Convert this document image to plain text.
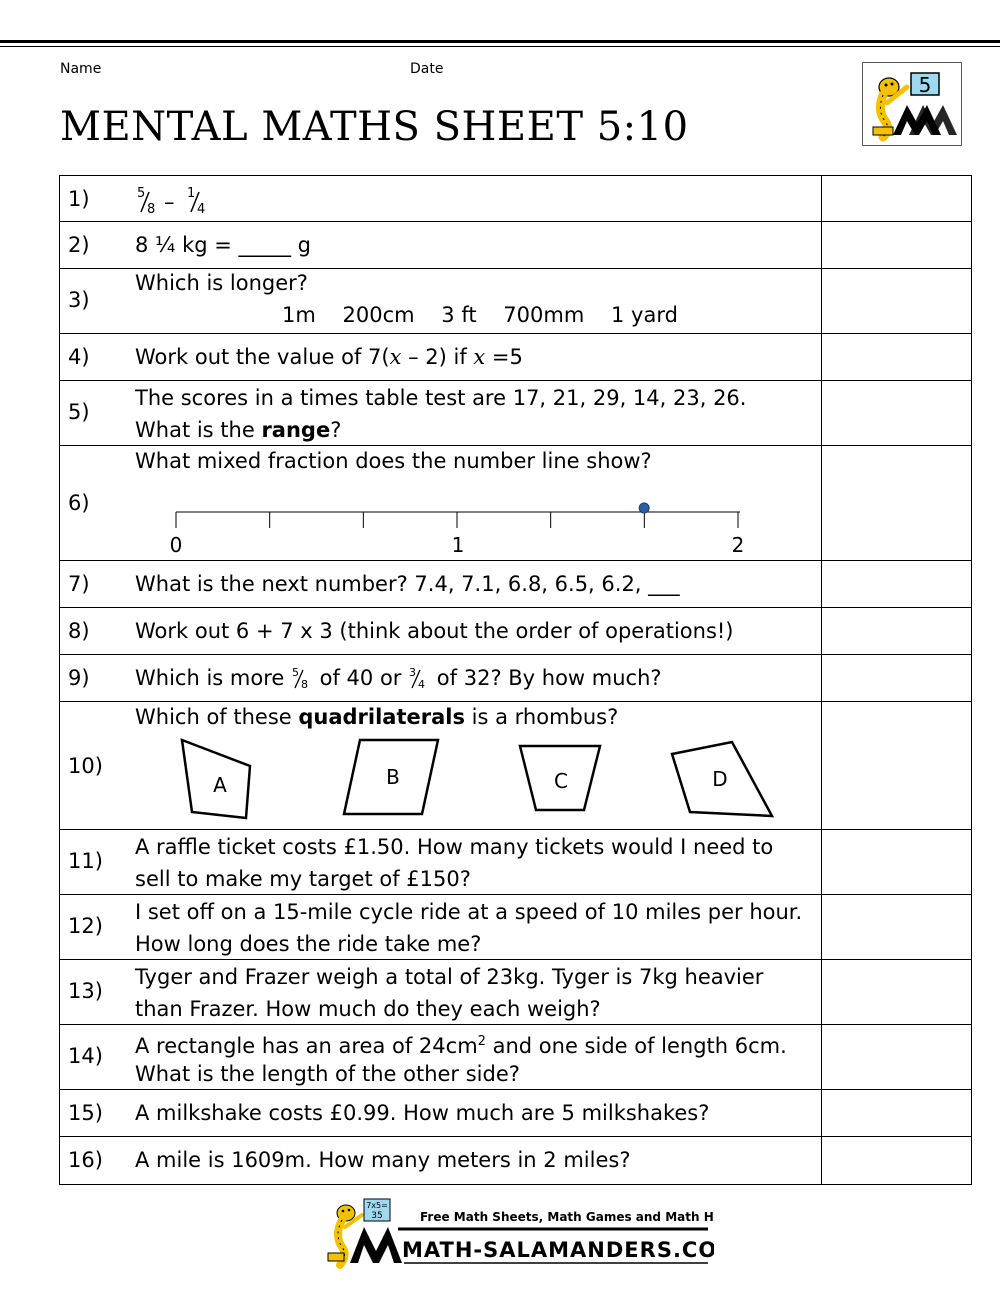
Name	Date
MENTAL MATHS SHEET 5:10
5
1)	5
8 – 1
4
2) 8 ¼ kg = _____ g
3)
Which is longer?
1m    200cm    3 ft    700mm    1 yard
4) Work out the value of 7(x – 2) if x =5
5)
The scores in a times table test are 17, 21, 29, 14, 23, 26.
What is the range?
6)
What mixed fraction does the number line show?
0	1	2
7) What is the next number? 7.4, 7.1, 6.8, 6.5, 6.2, ___
8) Work out 6 + 7 x 3 (think about the order of operations!)
9) Which is more 5
8 of 40 or 3
4 of 32? By how much?
10)
Which of these quadrilaterals is a rhombus?
A	B	C	D
11)
A raffle ticket costs £1.50. How many tickets would I need to
sell to make my target of £150?
12)
I set off on a 15-mile cycle ride at a speed of 10 miles per hour.
How long does the ride take me?
13)
Tyger and Frazer weigh a total of 23kg. Tyger is 7kg heavier
than Frazer. How much do they each weigh?
14) A rectangle has an area of $24cm^2$ and one side of length 6cm.
What is the length of the other side?
15) A milkshake costs £0.99. How much are 5 milkshakes?
16) A mile is 1609m. How many meters in 2 miles?
7x5=
35	Free Math Sheets, Math Games and Math Help
MATH-SALAMANDERS.COM
